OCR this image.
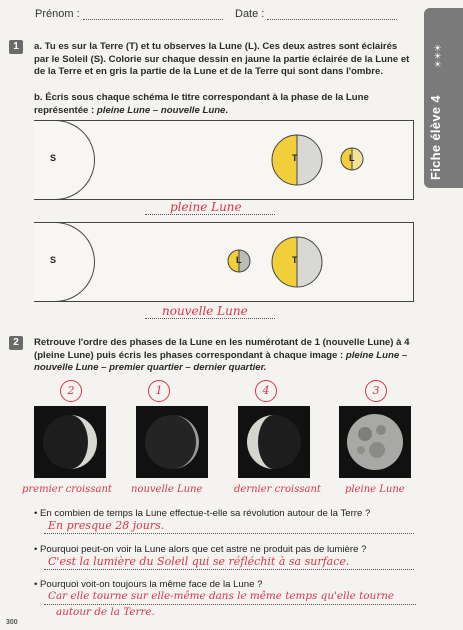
Prénom :	Date :
☀☀☀
Fiche élève 4
1	a. Tu es sur la Terre (T) et tu observes la Lune (L). Ces deux astres sont éclairés par le Soleil (S). Colorie sur chaque dessin en jaune la partie éclairée de la Lune et de la Terre et en gris la partie de la Lune et de la Terre qui sont dans l'ombre.
b. Écris sous chaque schéma le titre correspondant à la phase de la Lune représentée : pleine Lune – nouvelle Lune.
S	T	L
pleine Lune
S	L	T
nouvelle Lune
2	Retrouve l'ordre des phases de la Lune en les numérotant de 1 (nouvelle Lune) à 4 (pleine Lune) puis écris les phases correspondant à chaque image : pleine Lune – nouvelle Lune – premier quartier – dernier quartier.
2	1	4	3
premier croissant nouvelle Lune	dernier croissant pleine Lune
• En combien de temps la Lune effectue-t-elle sa révolution autour de la Terre ?
En presque 28 jours.
• Pourquoi peut-on voir la Lune alors que cet astre ne produit pas de lumière ?
C'est la lumière du Soleil qui se réfléchit à sa surface.
• Pourquoi voit-on toujours la même face de la Lune ?
Car elle tourne sur elle-même dans le même temps qu'elle tourne
autour de la Terre.
300
